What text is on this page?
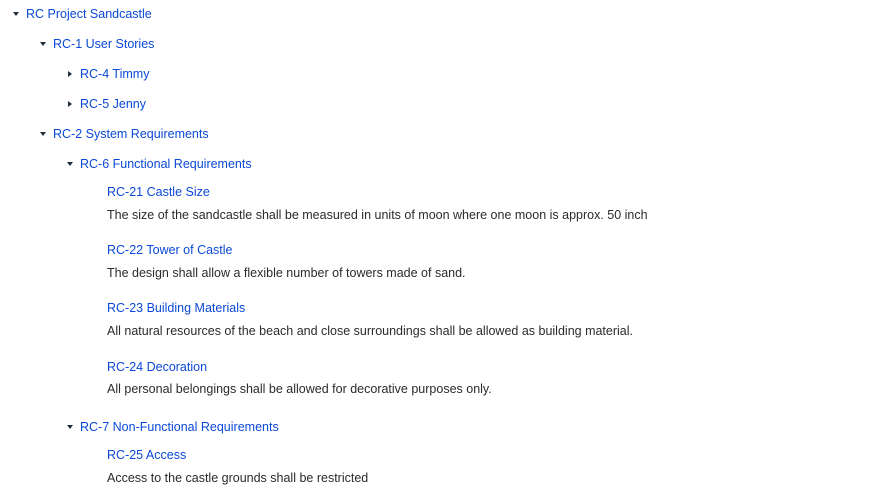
RC Project Sandcastle
RC-1 User Stories
RC-4 Timmy
RC-5 Jenny
RC-2 System Requirements
RC-6 Functional Requirements
RC-21 Castle Size
The size of the sandcastle shall be measured in units of moon where one moon is approx. 50 inch
RC-22 Tower of Castle
The design shall allow a flexible number of towers made of sand.
RC-23 Building Materials
All natural resources of the beach and close surroundings shall be allowed as building material.
RC-24 Decoration
All personal belongings shall be allowed for decorative purposes only.
RC-7 Non-Functional Requirements
RC-25 Access
Access to the castle grounds shall be restricted
